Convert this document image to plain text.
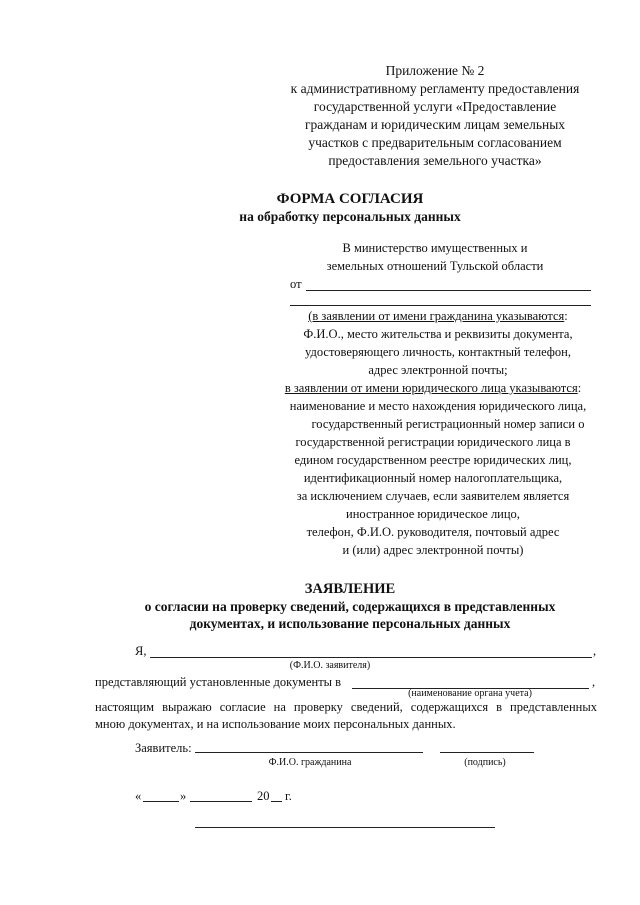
Приложение № 2
к административному регламенту предоставления
государственной услуги «Предоставление
гражданам и юридическим лицам земельных
участков с предварительным согласованием
предоставления земельного участка»
ФОРМА СОГЛАСИЯ
на обработку персональных данных
В министерство имущественных и
земельных отношений Тульской области
от
(в заявлении от имени гражданина указываются:
Ф.И.О., место жительства и реквизиты документа,
удостоверяющего личность, контактный телефон,
адрес электронной почты;
в заявлении от имени юридического лица указываются:
наименование и место нахождения юридического лица,
государственный регистрационный номер записи о
государственной регистрации юридического лица в
едином государственном реестре юридических лиц,
идентификационный номер налогоплательщика,
за исключением случаев, если заявителем является
иностранное юридическое лицо,
телефон, Ф.И.О. руководителя, почтовый адрес
и (или) адрес электронной почты)
ЗАЯВЛЕНИЕ
о согласии на проверку сведений, содержащихся в представленных
документах, и использование персональных данных
Я,	,
(Ф.И.О. заявителя)
представляющий установленные документы в	,
(наименование органа учета)
настоящим выражаю согласие на проверку сведений, содержащихся в представленных
мною документах, и на использование моих персональных данных.
Заявитель:
Ф.И.О. гражданина	(подпись)
«	»	20 г.
